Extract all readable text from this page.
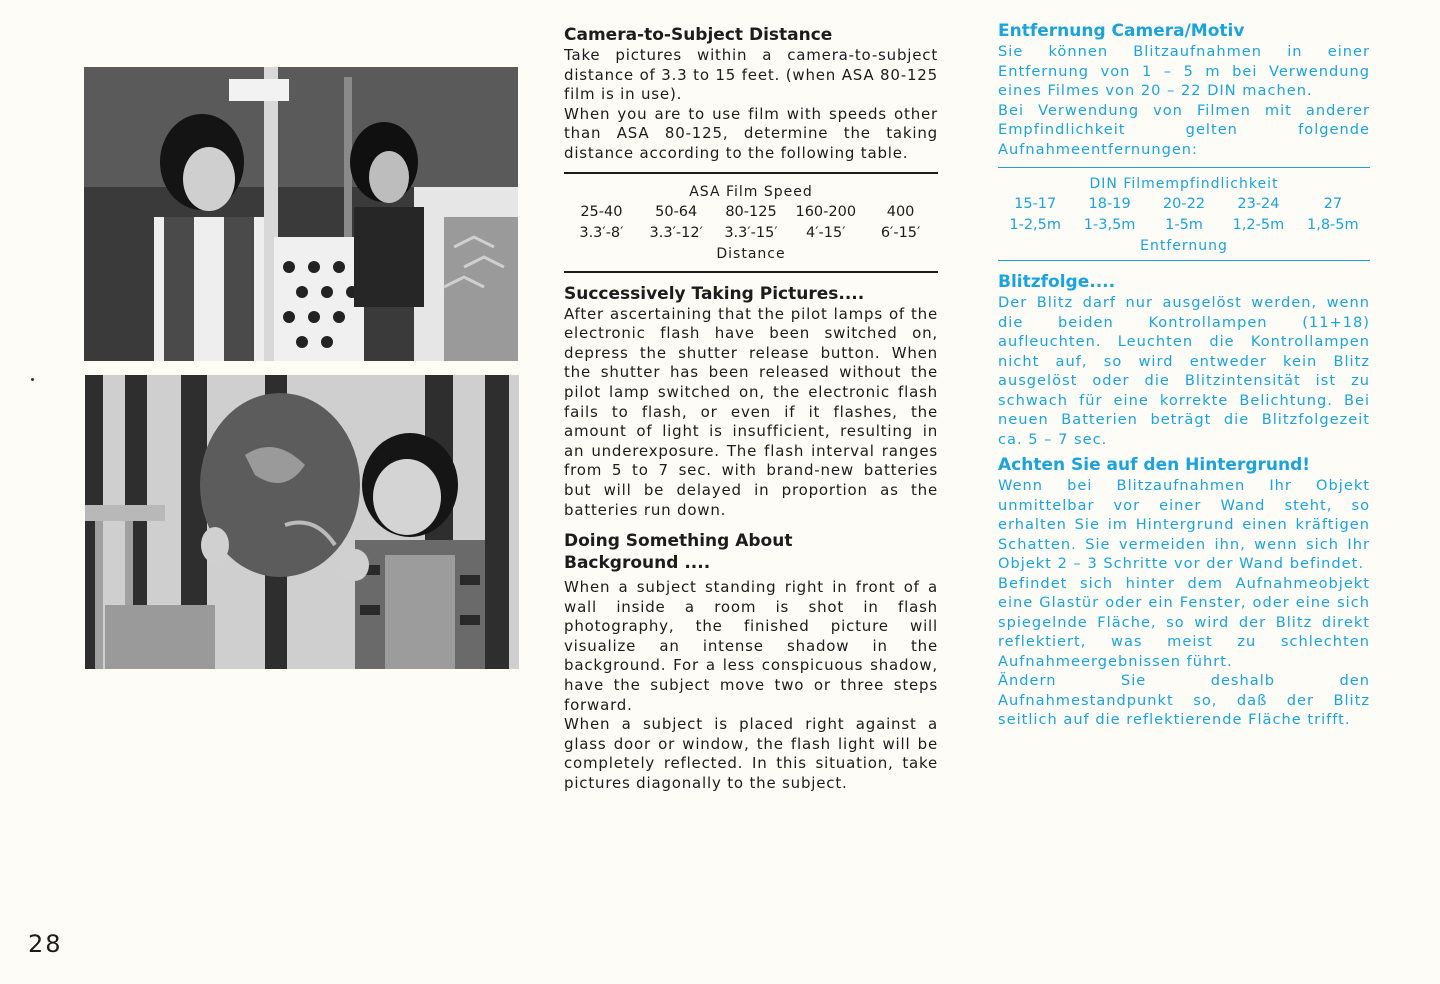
Camera-to-Subject Distance

Take pictures within a camera-to-subject distance of 3.3 to 15 feet. (when ASA 80-125 film is in use).

When you are to use film with speeds other than ASA 80-125, determine the taking distance according to the following table.

ASA Film Speed
25-40	50-64	80-125	160-200	400
3.3′-8′	3.3′-12′	3.3′-15′	4′-15′	6′-15′
Distance
Successively Taking Pictures....

After ascertaining that the pilot lamps of the electronic flash have been switched on, depress the shutter release button. When the shutter has been released without the pilot lamp switched on, the electronic flash fails to flash, or even if it flashes, the amount of light is insufficient, resulting in an underexposure. The flash interval ranges from 5 to 7 sec. with brand-new batteries but will be delayed in proportion as the batteries run down.

Doing Something About Background ....

When a subject standing right in front of a wall inside a room is shot in flash photography, the finished picture will visualize an intense shadow in the background. For a less conspicuous shadow, have the subject move two or three steps forward.

When a subject is placed right against a glass door or window, the flash light will be completely reflected. In this situation, take pictures diagonally to the subject.

Entfernung Camera/Motiv

Sie können Blitzaufnahmen in einer Entfernung von 1 – 5 m bei Verwendung eines Filmes von 20 – 22 DIN machen.

Bei Verwendung von Filmen mit anderer Empfindlichkeit gelten folgende Aufnahmeentfernungen:

DIN Filmempfindlichkeit
15-17	18-19	20-22	23-24	27
1-2,5m	1-3,5m	1-5m	1,2-5m	1,8-5m
Entfernung
Blitzfolge....

Der Blitz darf nur ausgelöst werden, wenn die beiden Kontrollampen (11+18) aufleuchten. Leuchten die Kontrollampen nicht auf, so wird entweder kein Blitz ausgelöst oder die Blitzintensität ist zu schwach für eine korrekte Belichtung. Bei neuen Batterien beträgt die Blitzfolgezeit ca. 5 – 7 sec.

Achten Sie auf den Hintergrund!

Wenn bei Blitzaufnahmen Ihr Objekt unmittelbar vor einer Wand steht, so erhalten Sie im Hintergrund einen kräftigen Schatten. Sie vermeiden ihn, wenn sich Ihr Objekt 2 – 3 Schritte vor der Wand befindet.

Befindet sich hinter dem Aufnahmeobjekt eine Glastür oder ein Fenster, oder eine sich spiegelnde Fläche, so wird der Blitz direkt reflektiert, was meist zu schlechten Aufnahmeergebnissen führt.

Ändern Sie deshalb den Aufnahmestandpunkt so, daß der Blitz seitlich auf die reflektierende Fläche trifft.

28
